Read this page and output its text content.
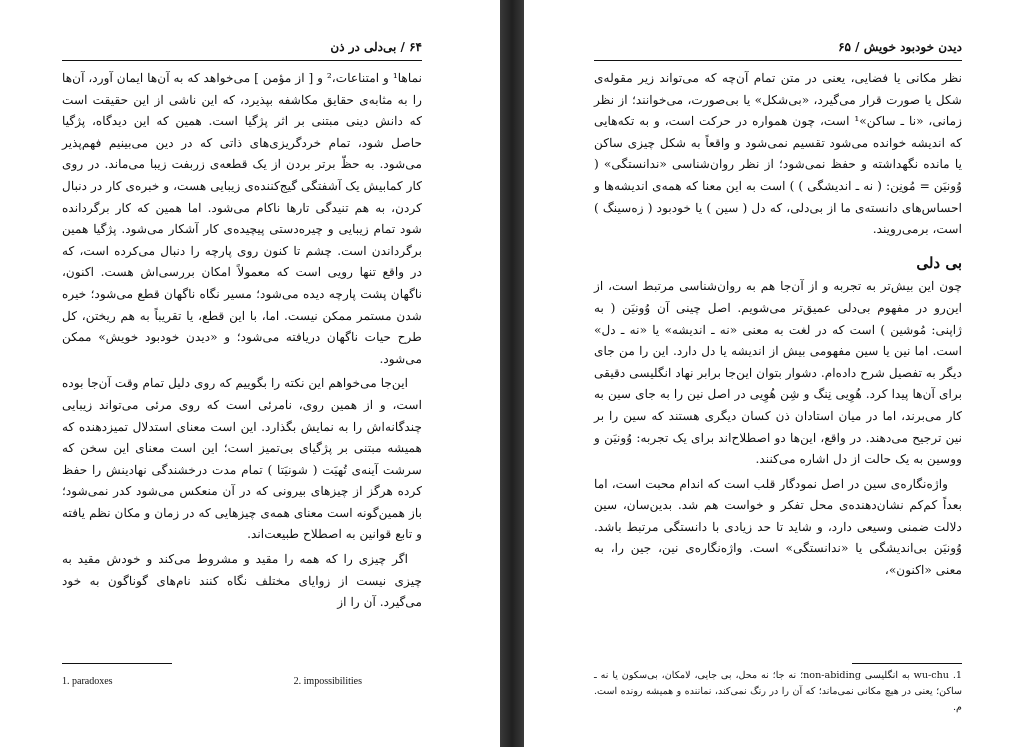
۶۴ / بی‌دلی در ذن

نماها¹ و امتناعات،² و [ از مؤمن ] می‌خواهد که به آن‌ها ایمان آورد، آن‌ها را به مثابه‌ی حقایق مکاشفه بپذیرد، که این ناشی از این حقیقت است که دانش دینی مبتنی بر اثر پژگیا است. همین که این دیدگاه، پژگیا حاصل شود، تمام خردگریزی‌های ذاتی که در دین می‌بینیم فهم‌پذیر می‌شود. به حظّ برتر بردن از یک قطعه‌ی زربفت زیبا می‌ماند. در روی کار کمابیش یک آشفتگی گیج‌کننده‌ی زیبایی هست، و خبره‌ی کار در دنبال کردن، به هم تنیدگی تارها ناکام می‌شود. اما همین که کار برگردانده شود تمام زیبایی و چیره‌دستی پیچیده‌ی کار آشکار می‌شود. پژگیا همین برگرداندن است. چشم تا کنون روی پارچه را دنبال می‌کرده است، که در واقع تنها رویی است که معمولاً امکان بررسی‌اش هست. اکنون، ناگهان پشت پارچه دیده می‌شود؛ مسیر نگاه ناگهان قطع می‌شود؛ خیره شدن مستمر ممکن نیست. اما، با این قطع، یا تقریباً به هم ریختن، کل طرح حیات ناگهان دریافته می‌شود؛ و «دیدن خودبود خویش» ممکن می‌شود.

این‌جا می‌خواهم این نکته را بگوییم که روی دلیل تمام وقت آن‌جا بوده است، و از همین روی، نامرئی است که روی مرئی می‌تواند زیبایی چندگانه‌اش را به نمایش بگذارد. این است معنای استدلال تمیزدهنده که همیشه مبتنی بر پژگیای بی‌تمیز است؛ این است معنای این سخن که سرشت آینه‌ی تُهیَت ( شونیَتا ) تمام مدت درخشندگی نهادینش را حفظ کرده هرگز از چیزهای بیرونی که در آن منعکس می‌شود کدر نمی‌شود؛ باز همین‌گونه است معنای همه‌ی چیزهایی که در زمان و مکان نظم یافته و تابع قوانین به اصطلاح طبیعت‌اند.

اگر چیزی را که همه را مقید و مشروط می‌کند و خودش مقید به چیزی نیست از زوایای مختلف نگاه کنند نام‌های گوناگون به خود می‌گیرد. آن را از

1. paradoxes	2. impossibilities
دیدن خودبود خویش / ۶۵

نظر مکانی یا فضایی، یعنی در متن تمام آن‌چه که می‌تواند زیر مقوله‌ی شکل یا صورت قرار می‌گیرد، «بی‌شکل» یا بی‌صورت، می‌خوانند؛ از نظر زمانی، «نا ـ ساکن»¹ است، چون همواره در حرکت است، و به تکه‌هایی که اندیشه خوانده می‌شود تقسیم نمی‌شود و واقعاً به شکل چیزی ساکن یا مانده نگهداشته و حفظ نمی‌شود؛ از نظر روان‌شناسی «ندانستگی» ( وُونیَن = مُونِن: ( نه ـ اندیشگی ) ) است به این معنا که همه‌ی اندیشه‌ها و احساس‌های دانسته‌ی ما از بی‌دلی، که دل ( سین ) یا خودبود ( زه‌سینگ ) است، برمی‌رویند.

بی دلی

چون این بیش‌تر به تجربه و از آن‌جا هم به روان‌شناسی مرتبط است، از این‌رو در مفهوم بی‌دلی عمیق‌تر می‌شویم. اصل چینی آن وُونیَن ( به ژاپنی: مُوشین ) است که در لغت به معنی «نه ـ اندیشه» یا «نه ـ دل» است. اما نین یا سین مفهومی بیش از اندیشه یا دل دارد. این را من جای دیگر به تفصیل شرح داده‌ام. دشوار بتوان این‌جا برابر نهاد انگلیسی دقیقی برای آن‌ها پیدا کرد. هُوِیی نِنگ و شِن هُوِیی در اصل نین را به جای سین به کار می‌برند، اما در میان استادان ذن کسان دیگری هستند که سین را بر نین ترجیح می‌دهند. در واقع، این‌ها دو اصطلاح‌اند برای یک تجربه: وُونیَن و ووسین به یک حالت از دل اشاره می‌کنند.

واژه‌نگاره‌ی سین در اصل نمودگار قلب است که اندام محبت است، اما بعداً کم‌کم نشان‌دهنده‌ی محل تفکر و خواست هم شد. بدین‌سان، سین دلالت ضمنی وسیعی دارد، و شاید تا حد زیادی با دانستگی مرتبط باشد. وُونیَن بی‌اندیشگی یا «ندانستگی» است. واژه‌نگاره‌ی نین، جین را، به معنی «اکنون»،

wu-chu .1 به انگلیسی non-abiding؛ نه جا؛ نه محل، بی جایی، لامکان، بی‌سکون یا نه ـ ساکن؛ یعنی در هیچ مکانی نمی‌ماند؛ که آن را در رنگ نمی‌کند، نماننده و همیشه رونده است. م.
